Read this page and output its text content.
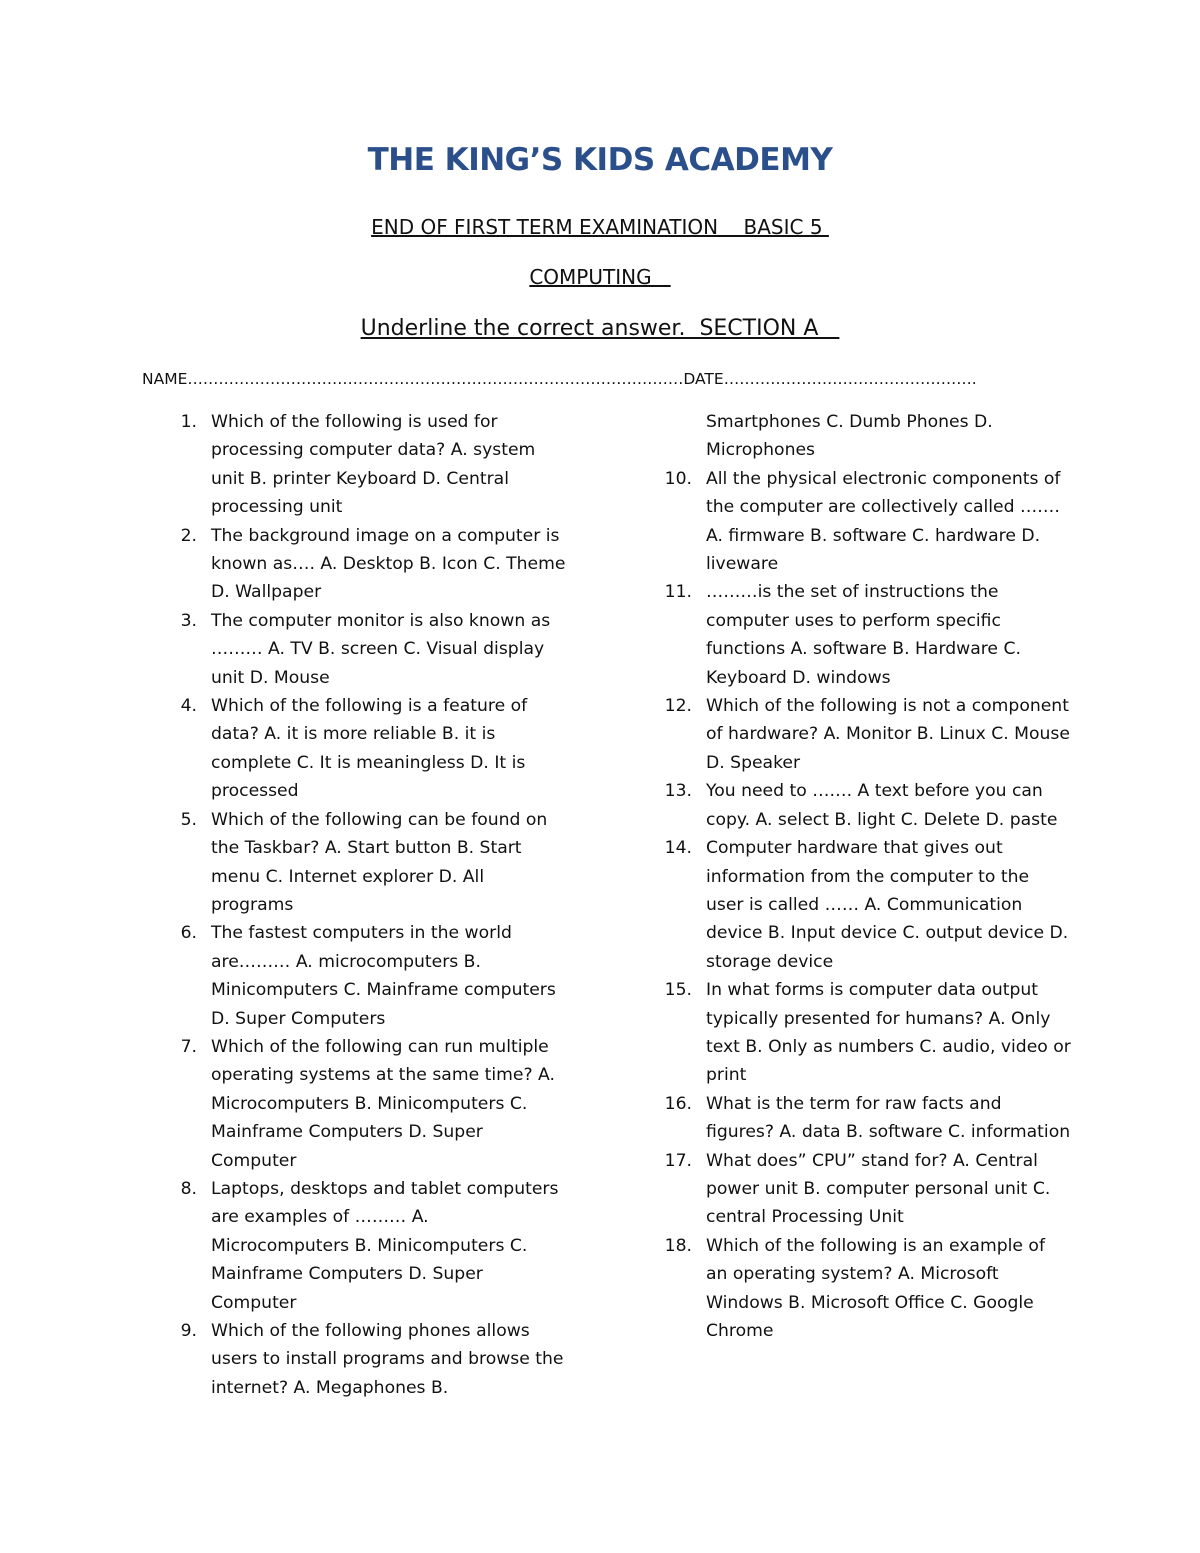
THE KING’S KIDS ACADEMY

END OF FIRST TERM EXAMINATION    BASIC 5

COMPUTING

Underline the correct answer.  SECTION A

NAME……………………………………………………………………………………DATE………………………………………….

1. Which of the following is used for processing computer data? A. system unit B. printer Keyboard D. Central processing unit
2. The background image on a computer is known as…. A. Desktop B. Icon C. Theme D. Wallpaper
3. The computer monitor is also known as ……… A. TV B. screen C. Visual display unit D. Mouse
4. Which of the following is a feature of data? A. it is more reliable B. it is complete C. It is meaningless D. It is processed
5. Which of the following can be found on the Taskbar? A. Start button B. Start menu C. Internet explorer D. All programs
6. The fastest computers in the world are……… A. microcomputers B. Minicomputers C. Mainframe computers D. Super Computers
7. Which of the following can run multiple operating systems at the same time? A. Microcomputers B. Minicomputers C. Mainframe Computers D. Super Computer
8. Laptops, desktops and tablet computers are examples of ……… A. Microcomputers B. Minicomputers C. Mainframe Computers D. Super Computer
9. Which of the following phones allows users to install programs and browse the internet? A. Megaphones B.
Smartphones C. Dumb Phones D. Microphones
10. All the physical electronic components of the computer are collectively called ……. A. firmware B. software C. hardware D. liveware
11. ………is the set of instructions the computer uses to perform specific functions A. software B. Hardware C. Keyboard D. windows
12. Which of the following is not a component of hardware? A. Monitor B. Linux C. Mouse D. Speaker
13. You need to ……. A text before you can copy. A. select B. light C. Delete D. paste
14. Computer hardware that gives out information from the computer to the user is called …… A. Communication device B. Input device C. output device D. storage device
15. In what forms is computer data output typically presented for humans? A. Only text B. Only as numbers C. audio, video or print
16. What is the term for raw facts and figures? A. data B. software C. information
17. What does” CPU” stand for? A. Central power unit B. computer personal unit C. central Processing Unit
18. Which of the following is an example of an operating system? A. Microsoft Windows B. Microsoft Office C. Google Chrome
